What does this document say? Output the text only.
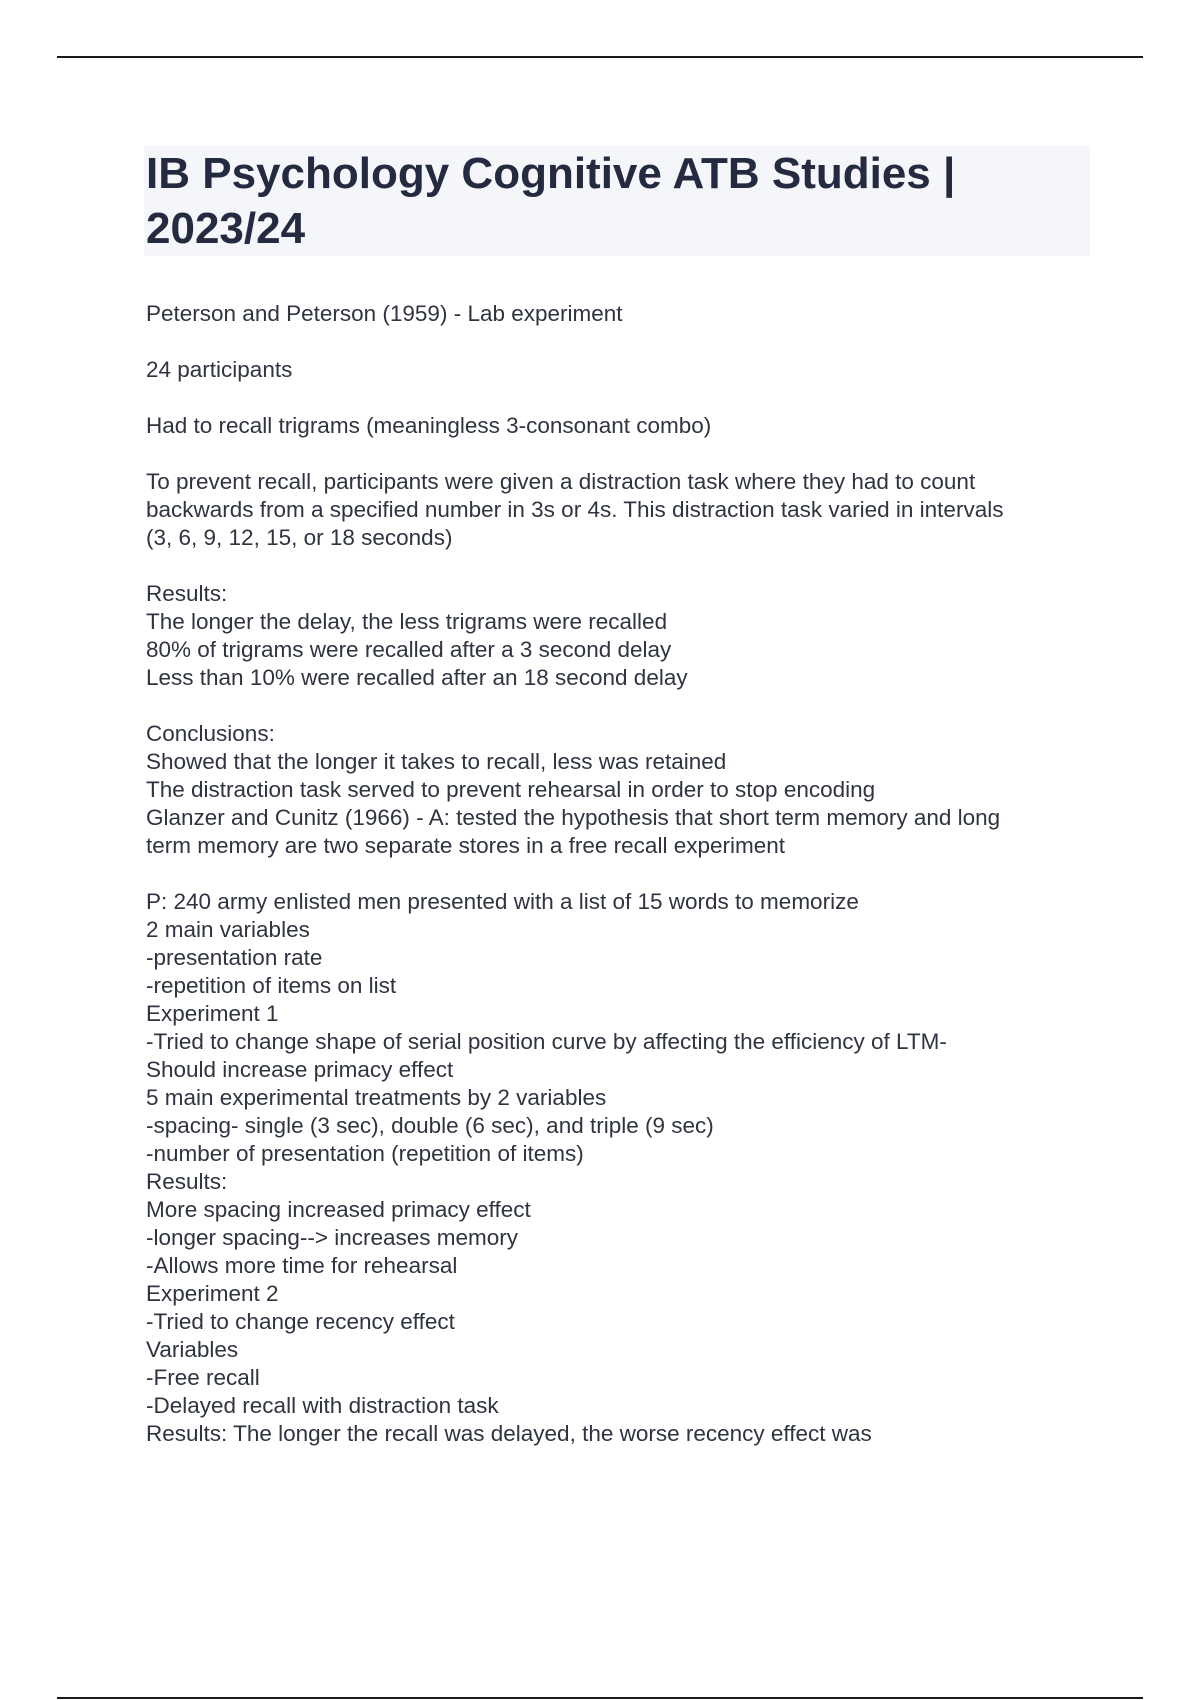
IB Psychology Cognitive ATB Studies | 2023/24
Peterson and Peterson (1959) - Lab experiment
24 participants
Had to recall trigrams (meaningless 3-consonant combo)
To prevent recall, participants were given a distraction task where they had to count
backwards from a specified number in 3s or 4s. This distraction task varied in intervals
(3, 6, 9, 12, 15, or 18 seconds)
Results:
The longer the delay, the less trigrams were recalled
80% of trigrams were recalled after a 3 second delay
Less than 10% were recalled after an 18 second delay
Conclusions:
Showed that the longer it takes to recall, less was retained
The distraction task served to prevent rehearsal in order to stop encoding
Glanzer and Cunitz (1966) - A: tested the hypothesis that short term memory and long
term memory are two separate stores in a free recall experiment
P: 240 army enlisted men presented with a list of 15 words to memorize
2 main variables
-presentation rate
-repetition of items on list
Experiment 1
-Tried to change shape of serial position curve by affecting the efficiency of LTM-
Should increase primacy effect
5 main experimental treatments by 2 variables
-spacing- single (3 sec), double (6 sec), and triple (9 sec)
-number of presentation (repetition of items)
Results:
More spacing increased primacy effect
-longer spacing--> increases memory
-Allows more time for rehearsal
Experiment 2
-Tried to change recency effect
Variables
-Free recall
-Delayed recall with distraction task
Results: The longer the recall was delayed, the worse recency effect was
